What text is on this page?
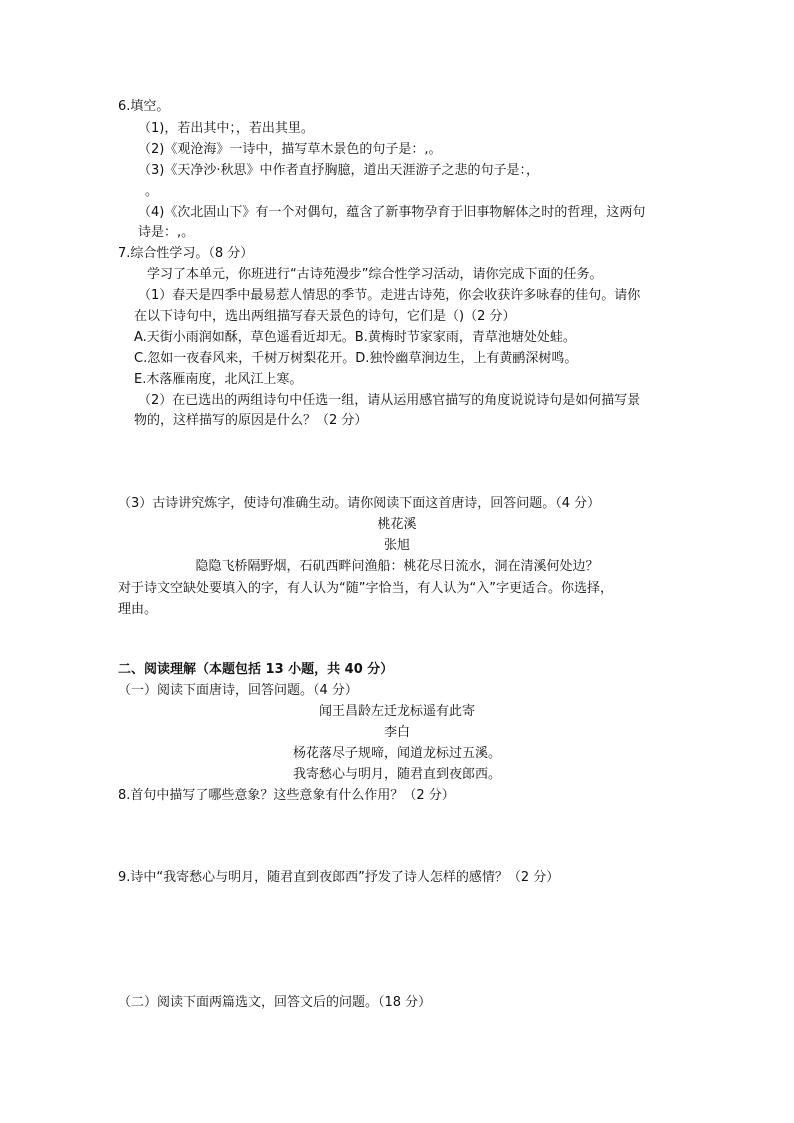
6.填空。
（1)，若出其中；，若出其里。
（2)《观沧海》一诗中，描写草木景色的句子是：,。
（3)《天净沙·秋思》中作者直抒胸臆，道出天涯游子之悲的句子是：，
。
（4)《次北固山下》有一个对偶句，蕴含了新事物孕育于旧事物解体之时的哲理，这两句
诗是：,。
7.综合性学习。（8 分）
学习了本单元，你班进行“古诗苑漫步”综合性学习活动，请你完成下面的任务。
（1）春天是四季中最易惹人情思的季节。走进古诗苑，你会收获许多咏春的佳句。请你
在以下诗句中，选出两组描写春天景色的诗句，它们是（)（2 分）
A.天街小雨润如酥，草色遥看近却无。B.黄梅时节家家雨，青草池塘处处蛙。
C.忽如一夜春风来，千树万树梨花开。D.独怜幽草涧边生，上有黄鹂深树鸣。
E.木落雁南度，北风江上寒。
（2）在已选出的两组诗句中任选一组，请从运用感官描写的角度说说诗句是如何描写景
物的，这样描写的原因是什么？（2 分）
（3）古诗讲究炼字，使诗句准确生动。请你阅读下面这首唐诗，回答问题。（4 分）
桃花溪
张旭
隐隐飞桥隔野烟，石矶西畔问渔船：桃花尽日流水，洞在清溪何处边？
对于诗文空缺处要填入的字，有人认为“随”字恰当，有人认为“入”字更适合。你选择，
理由。
二、阅读理解（本题包括 13 小题，共 40 分）
（一）阅读下面唐诗，回答问题。（4 分）
闻王昌龄左迁龙标遥有此寄
李白
杨花落尽子规啼，闻道龙标过五溪。
我寄愁心与明月，随君直到夜郎西。
8.首句中描写了哪些意象？这些意象有什么作用？（2 分）
9.诗中“我寄愁心与明月，随君直到夜郎西”抒发了诗人怎样的感情？（2 分）
（二）阅读下面两篇选文，回答文后的问题。（18 分）
